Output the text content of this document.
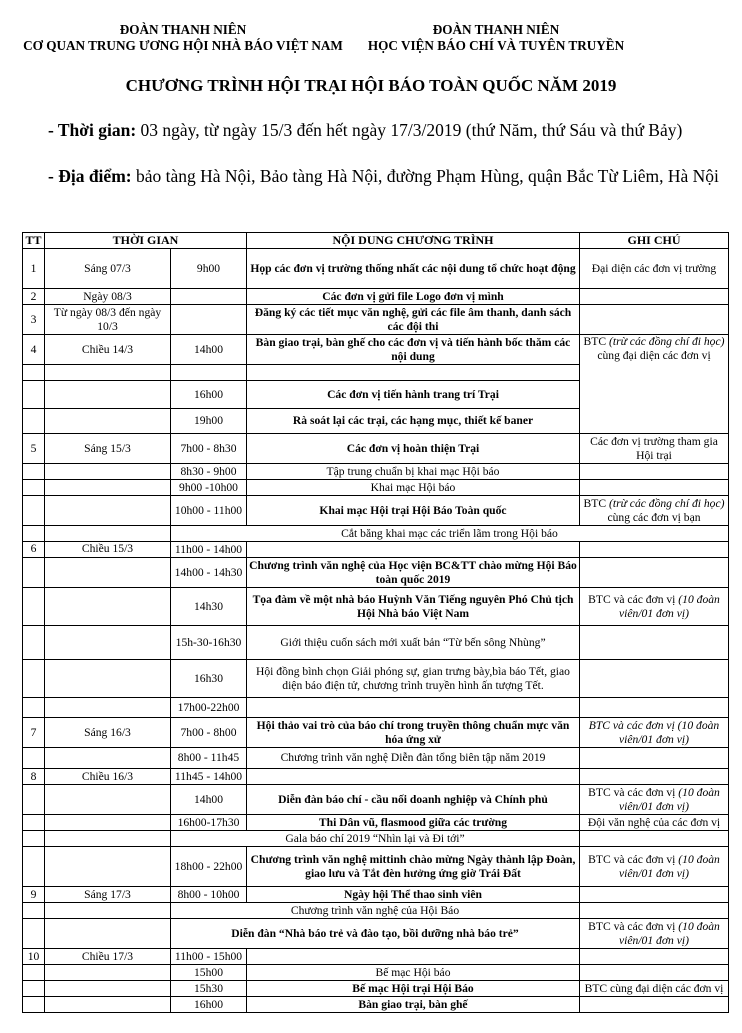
ĐOÀN THANH NIÊN
CƠ QUAN TRUNG ƯƠNG HỘI NHÀ BÁO VIỆT NAM
ĐOÀN THANH NIÊN
HỌC VIỆN BÁO CHÍ VÀ TUYÊN TRUYỀN
CHƯƠNG TRÌNH HỘI TRẠI HỘI BÁO TOÀN QUỐC NĂM 2019
- Thời gian: 03 ngày, từ ngày 15/3 đến hết ngày 17/3/2019 (thứ Năm, thứ Sáu và thứ Bảy)
- Địa điểm: bảo tàng Hà Nội, Bảo tàng Hà Nội, đường Phạm Hùng, quận Bắc Từ Liêm, Hà Nội
TT	THỜI GIAN		NỘI DUNG CHƯƠNG TRÌNH	GHI CHÚ
1	Sáng 07/3	9h00	Họp các đơn vị trường thống nhất các nội dung tổ chức hoạt động	Đại diện các đơn vị trường
2	Ngày 08/3		Các đơn vị gửi file Logo đơn vị mình	
3	Từ ngày 08/3 đến ngày 10/3		Đăng ký các tiết mục văn nghệ, gửi các file âm thanh, danh sách các đội thi	
4	Chiều 14/3	14h00	Bàn giao trại, bàn ghế cho các đơn vị và tiến hành bốc thăm các nội dung	BTC (trừ các đồng chí đi học) cùng đại diện các đơn vị

		16h00	Các đơn vị tiến hành trang trí Trại	
		19h00	Rà soát lại các trại, các hạng mục, thiết kế baner	
5	Sáng 15/3	7h00 - 8h30	Các đơn vị hoàn thiện Trại	Các đơn vị trường tham gia Hội trại
		8h30 - 9h00	Tập trung chuẩn bị khai mạc Hội báo	
		9h00 -10h00	Khai mạc Hội báo	
		10h00 - 11h00	Khai mạc Hội trại Hội Báo Toàn quốc	BTC (trừ các đồng chí đi học) cùng các đơn vị bạn
		Cắt băng khai mạc các triển lãm trong Hội báo		
6	Chiều 15/3	11h00 - 14h00		
		14h00 - 14h30	Chương trình văn nghệ của Học viện BC&TT chào mừng Hội Báo toàn quốc 2019	
		14h30	Tọa đàm về một nhà báo Huỳnh Văn Tiếng nguyên Phó Chủ tịch Hội Nhà báo Việt Nam	BTC và các đơn vị (10 đoàn viên/01 đơn vị)
		15h-30-16h30	Giới thiệu cuốn sách mới xuất bản “Từ bến sông Nhùng”	
		16h30	Hội đồng bình chọn Giải phóng sự, gian trưng bày,bìa báo Tết, giao diện báo điện tử, chương trình truyền hình ấn tượng Tết.	
		17h00-22h00		
7	Sáng 16/3	7h00 - 8h00	Hội thảo vai trò của báo chí trong truyền thông chuẩn mực văn hóa ứng xử	BTC và các đơn vị (10 đoàn viên/01 đơn vị)
		8h00 - 11h45	Chương trình văn nghệ Diễn đàn tổng biên tập năm 2019	
8	Chiều 16/3	11h45 - 14h00		
		14h00	Diễn đàn báo chí - cầu nối doanh nghiệp và Chính phủ	BTC và các đơn vị (10 đoàn viên/01 đơn vị)
		16h00-17h30	Thi Dân vũ, flasmood giữa các trường	Đội văn nghệ của các đơn vị
		Gala báo chí 2019 “Nhìn lại và Đi tới”		
		18h00 - 22h00	Chương trình văn nghệ mittinh chào mừng Ngày thành lập Đoàn, giao lưu và Tắt đèn hưởng ứng giờ Trái Đất	BTC và các đơn vị (10 đoàn viên/01 đơn vị)
9	Sáng 17/3	8h00 - 10h00	Ngày hội Thể thao sinh viên	
		Chương trình văn nghệ của Hội Báo		
		Diễn đàn “Nhà báo trẻ và đào tạo, bồi dưỡng nhà báo trẻ”		BTC và các đơn vị (10 đoàn viên/01 đơn vị)
10	Chiều 17/3	11h00 - 15h00		
		15h00	Bế mạc Hội báo	
		15h30	Bế mạc Hội trại Hội Báo	BTC cùng đại diện các đơn vị
		16h00	Bàn giao trại, bàn ghế	
